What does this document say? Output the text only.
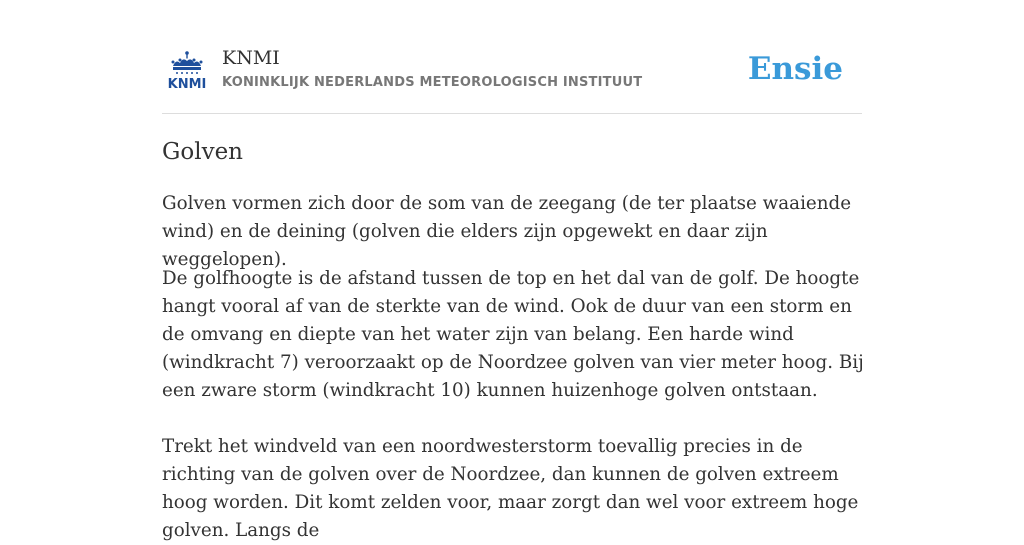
KNMI
KNMI
KONINKLIJK NEDERLANDS METEOROLOGISCH INSTITUUT	Ensie
Golven

Golven vormen zich door de som van de zeegang (de ter plaatse waaiende wind) en de deining (golven die elders zijn opgewekt en daar zijn weggelopen).

De golfhoogte is de afstand tussen de top en het dal van de golf. De hoogte hangt vooral af van de sterkte van de wind. Ook de duur van een storm en de omvang en diepte van het water zijn van belang. Een harde wind (windkracht 7) veroorzaakt op de Noordzee golven van vier meter hoog. Bij een zware storm (windkracht 10) kunnen huizenhoge golven ontstaan.

Trekt het windveld van een noordwesterstorm toevallig precies in de richting van de golven over de Noordzee, dan kunnen de golven extreem hoog worden. Dit komt zelden voor, maar zorgt dan wel voor extreem hoge golven. Langs de
